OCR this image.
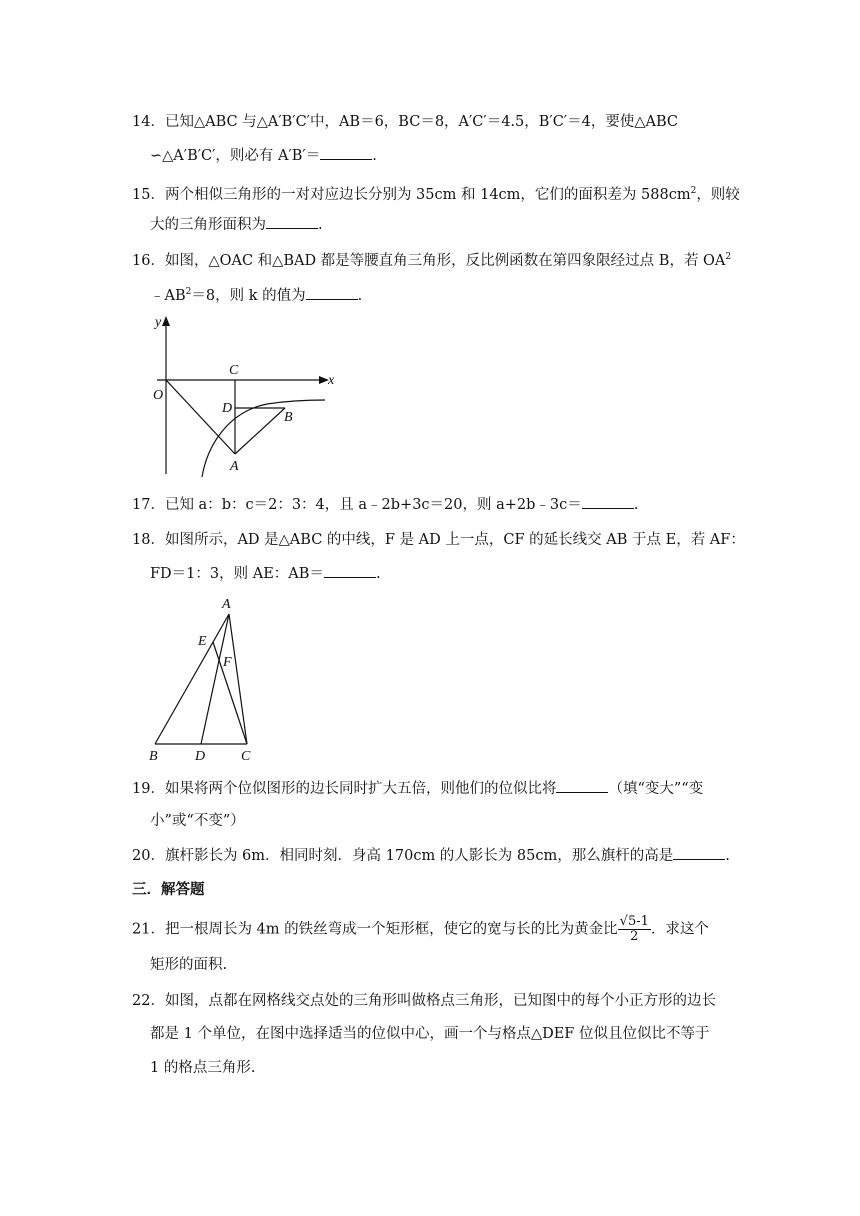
14．已知△ABC 与△A′B′C′中，AB＝6，BC＝8，A′C′＝4.5，B′C′＝4，要使△ABC
∽△A′B′C′，则必有 A′B′＝	.
15．两个相似三角形的一对对应边长分别为 35cm 和 14cm，它们的面积差为 $588cm^2$，则较
大的三角形面积为	.
16．如图，△OAC 和△BAD 都是等腰直角三角形，反比例函数在第四象限经过点 B，若 $OA^2$
$﹣AB^2=8$，则 k 的值为	.
y
x
O
C
D
B
A
17．已知 a：b：c＝2：3：4，且 a﹣2b+3c＝20，则 a+2b﹣3c＝	.
18．如图所示，AD 是△ABC 的中线，F 是 AD 上一点，CF 的延长线交 AB 于点 E，若 AF：
FD＝1：3，则 AE：AB＝	.
A
E
F
B	D	C
19．如果将两个位似图形的边长同时扩大五倍，则他们的位似比将	（填“变大”“变
小”或“不变”）
20．旗杆影长为 6m．相同时刻．身高 170cm 的人影长为 85cm，那么旗杆的高是	.
三．解答题
21．把一根周长为 4m 的铁丝弯成一个矩形框，使它的宽与长的比为黄金比 $\frac{√5-1}{2}$ ．求这个
矩形的面积.
22．如图，点都在网格线交点处的三角形叫做格点三角形，已知图中的每个小正方形的边长
都是 1 个单位，在图中选择适当的位似中心，画一个与格点△DEF 位似且位似比不等于
1 的格点三角形.
